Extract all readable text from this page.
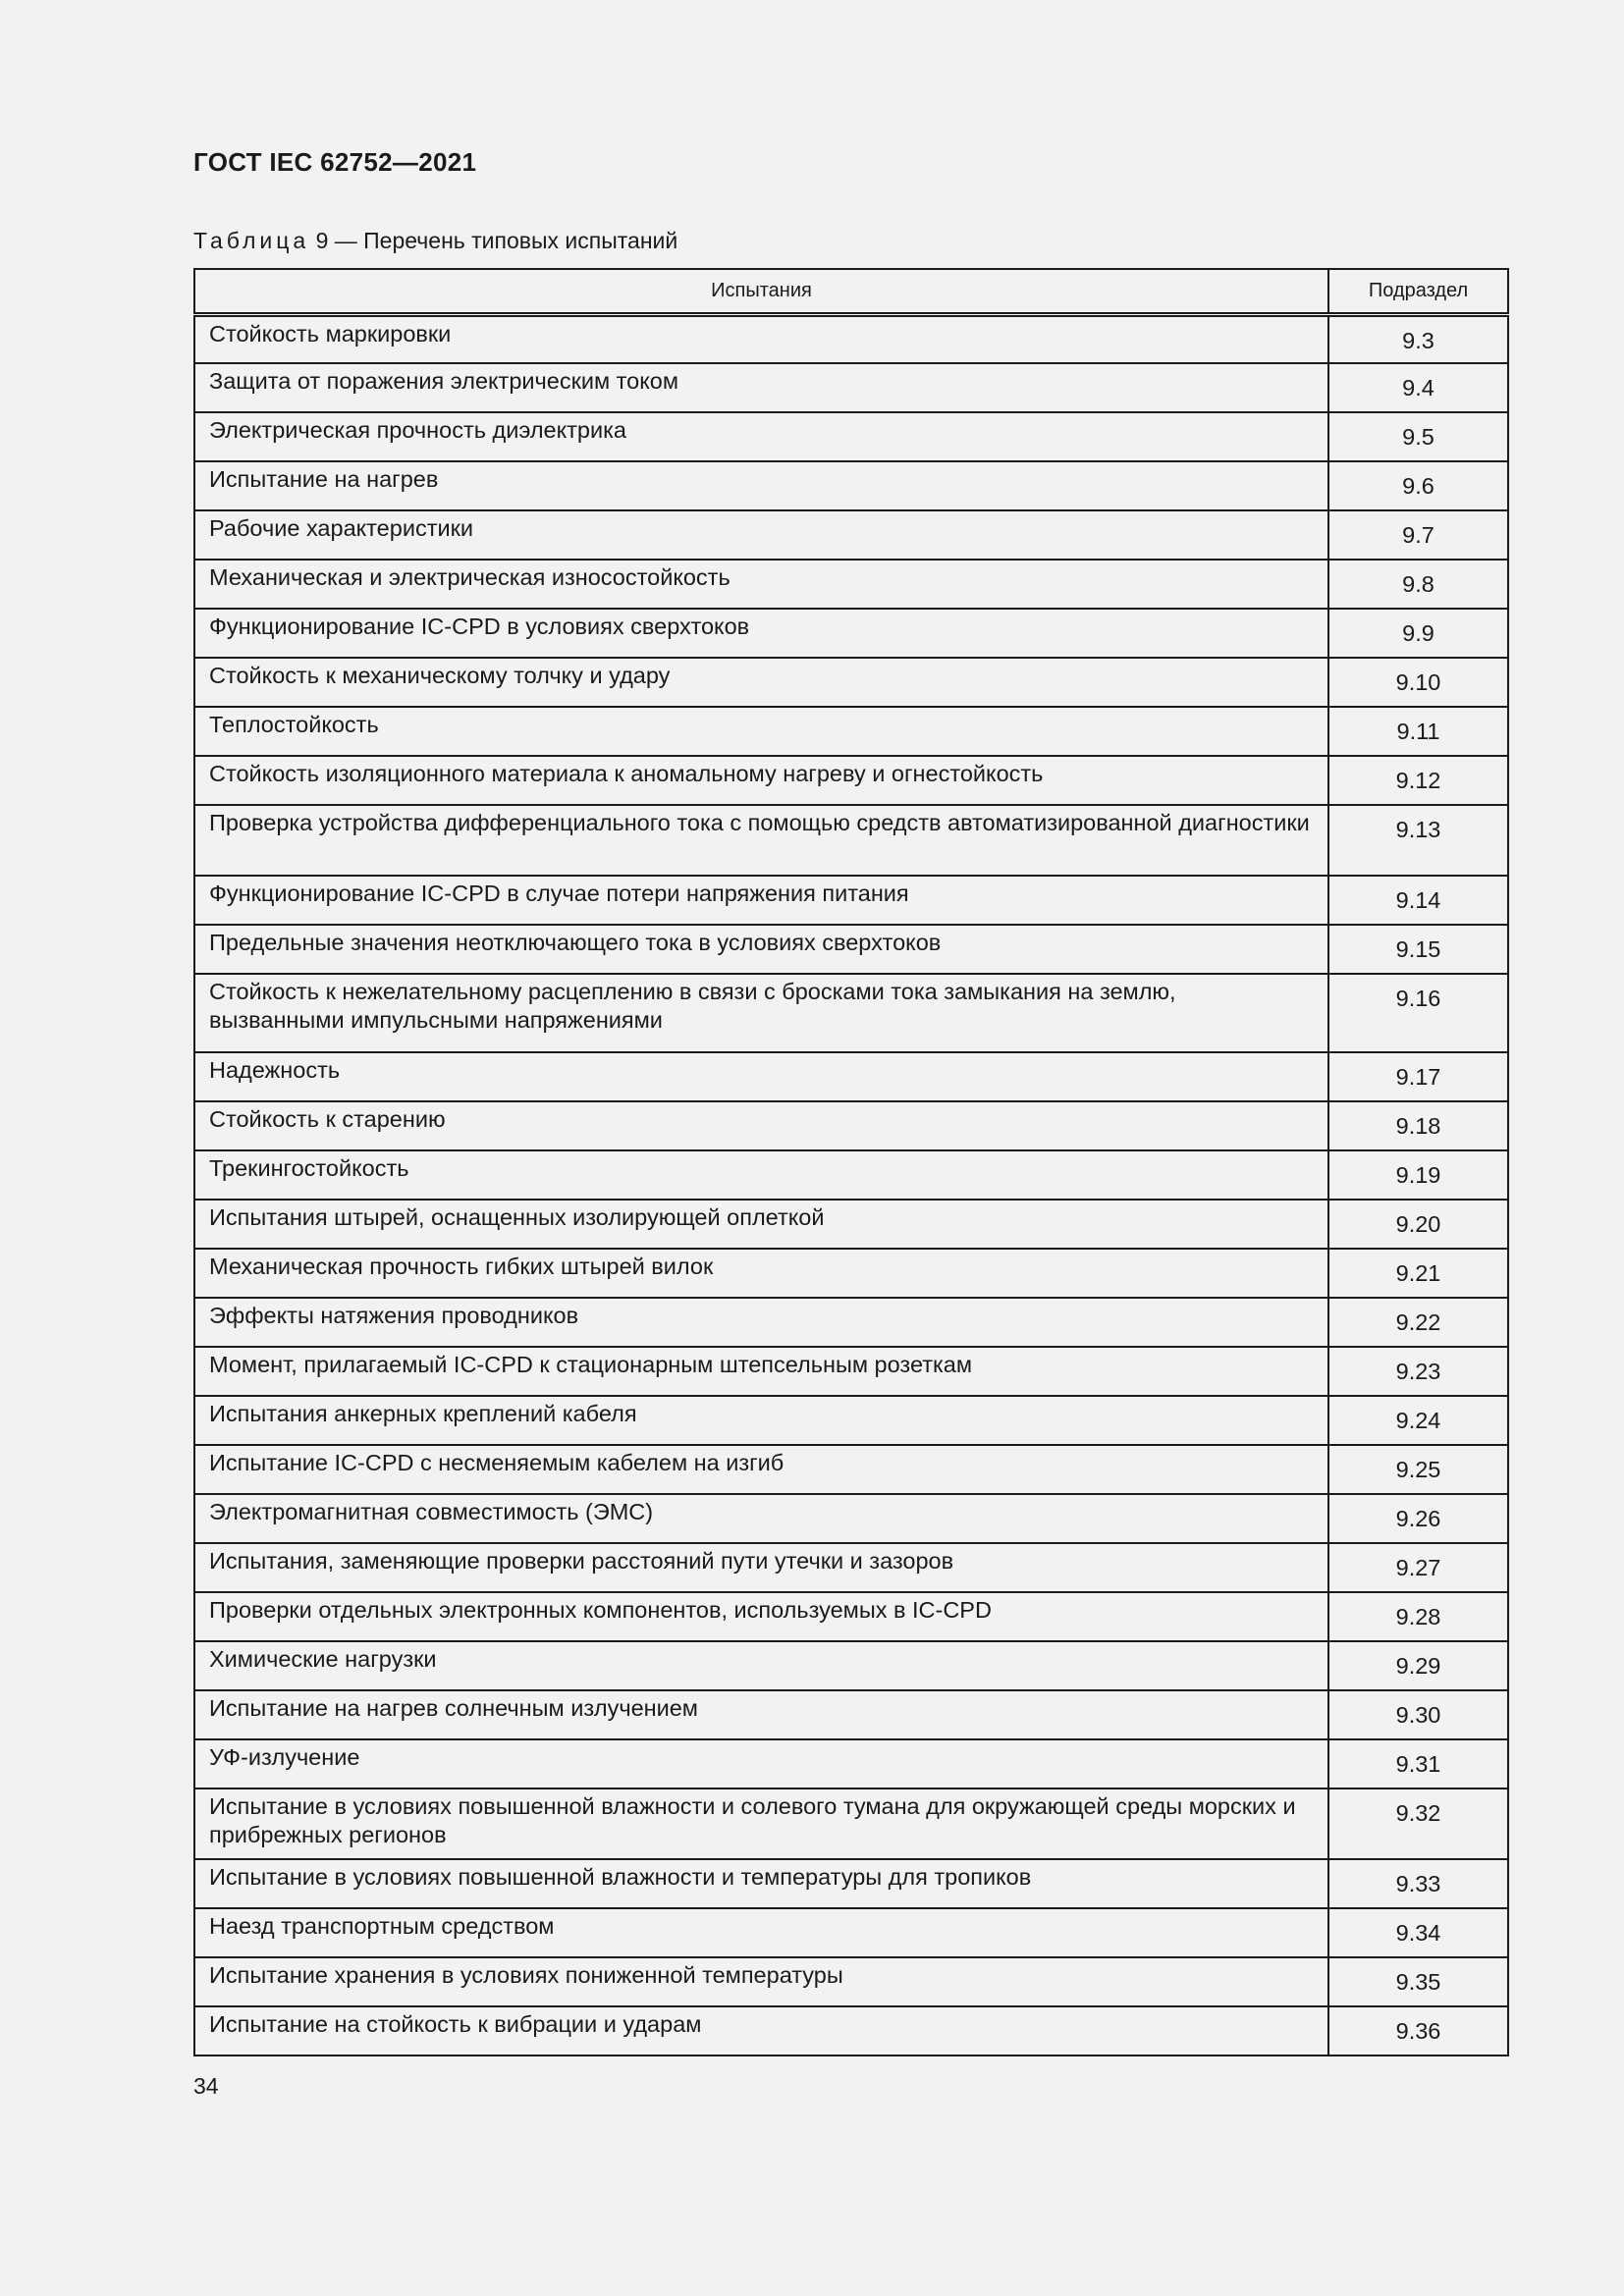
ГОСТ IEC 62752—2021
Таблица 9 — Перечень типовых испытаний
Испытания	Подраздел
Стойкость маркировки	9.3
Защита от поражения электрическим током	9.4
Электрическая прочность диэлектрика	9.5
Испытание на нагрев	9.6
Рабочие характеристики	9.7
Механическая и электрическая износостойкость	9.8
Функционирование IC-CPD в условиях сверхтоков	9.9
Стойкость к механическому толчку и удару	9.10
Теплостойкость	9.11
Стойкость изоляционного материала к аномальному нагреву и огнестойкость	9.12
Проверка устройства дифференциального тока с помощью средств автоматизированной диагностики	9.13
Функционирование IC-CPD в случае потери напряжения питания	9.14
Предельные значения неотключающего тока в условиях сверхтоков	9.15
Стойкость к нежелательному расцеплению в связи с бросками тока замыкания на землю, вызванными импульсными напряжениями	9.16
Надежность	9.17
Стойкость к старению	9.18
Трекингостойкость	9.19
Испытания штырей, оснащенных изолирующей оплеткой	9.20
Механическая прочность гибких штырей вилок	9.21
Эффекты натяжения проводников	9.22
Момент, прилагаемый IC-CPD к стационарным штепсельным розеткам	9.23
Испытания анкерных креплений кабеля	9.24
Испытание IC-CPD с несменяемым кабелем на изгиб	9.25
Электромагнитная совместимость (ЭМС)	9.26
Испытания, заменяющие проверки расстояний пути утечки и зазоров	9.27
Проверки отдельных электронных компонентов, используемых в IC-CPD	9.28
Химические нагрузки	9.29
Испытание на нагрев солнечным излучением	9.30
УФ-излучение	9.31
Испытание в условиях повышенной влажности и солевого тумана для окружающей среды морских и прибрежных регионов	9.32
Испытание в условиях повышенной влажности и температуры для тропиков	9.33
Наезд транспортным средством	9.34
Испытание хранения в условиях пониженной температуры	9.35
Испытание на стойкость к вибрации и ударам	9.36
34
